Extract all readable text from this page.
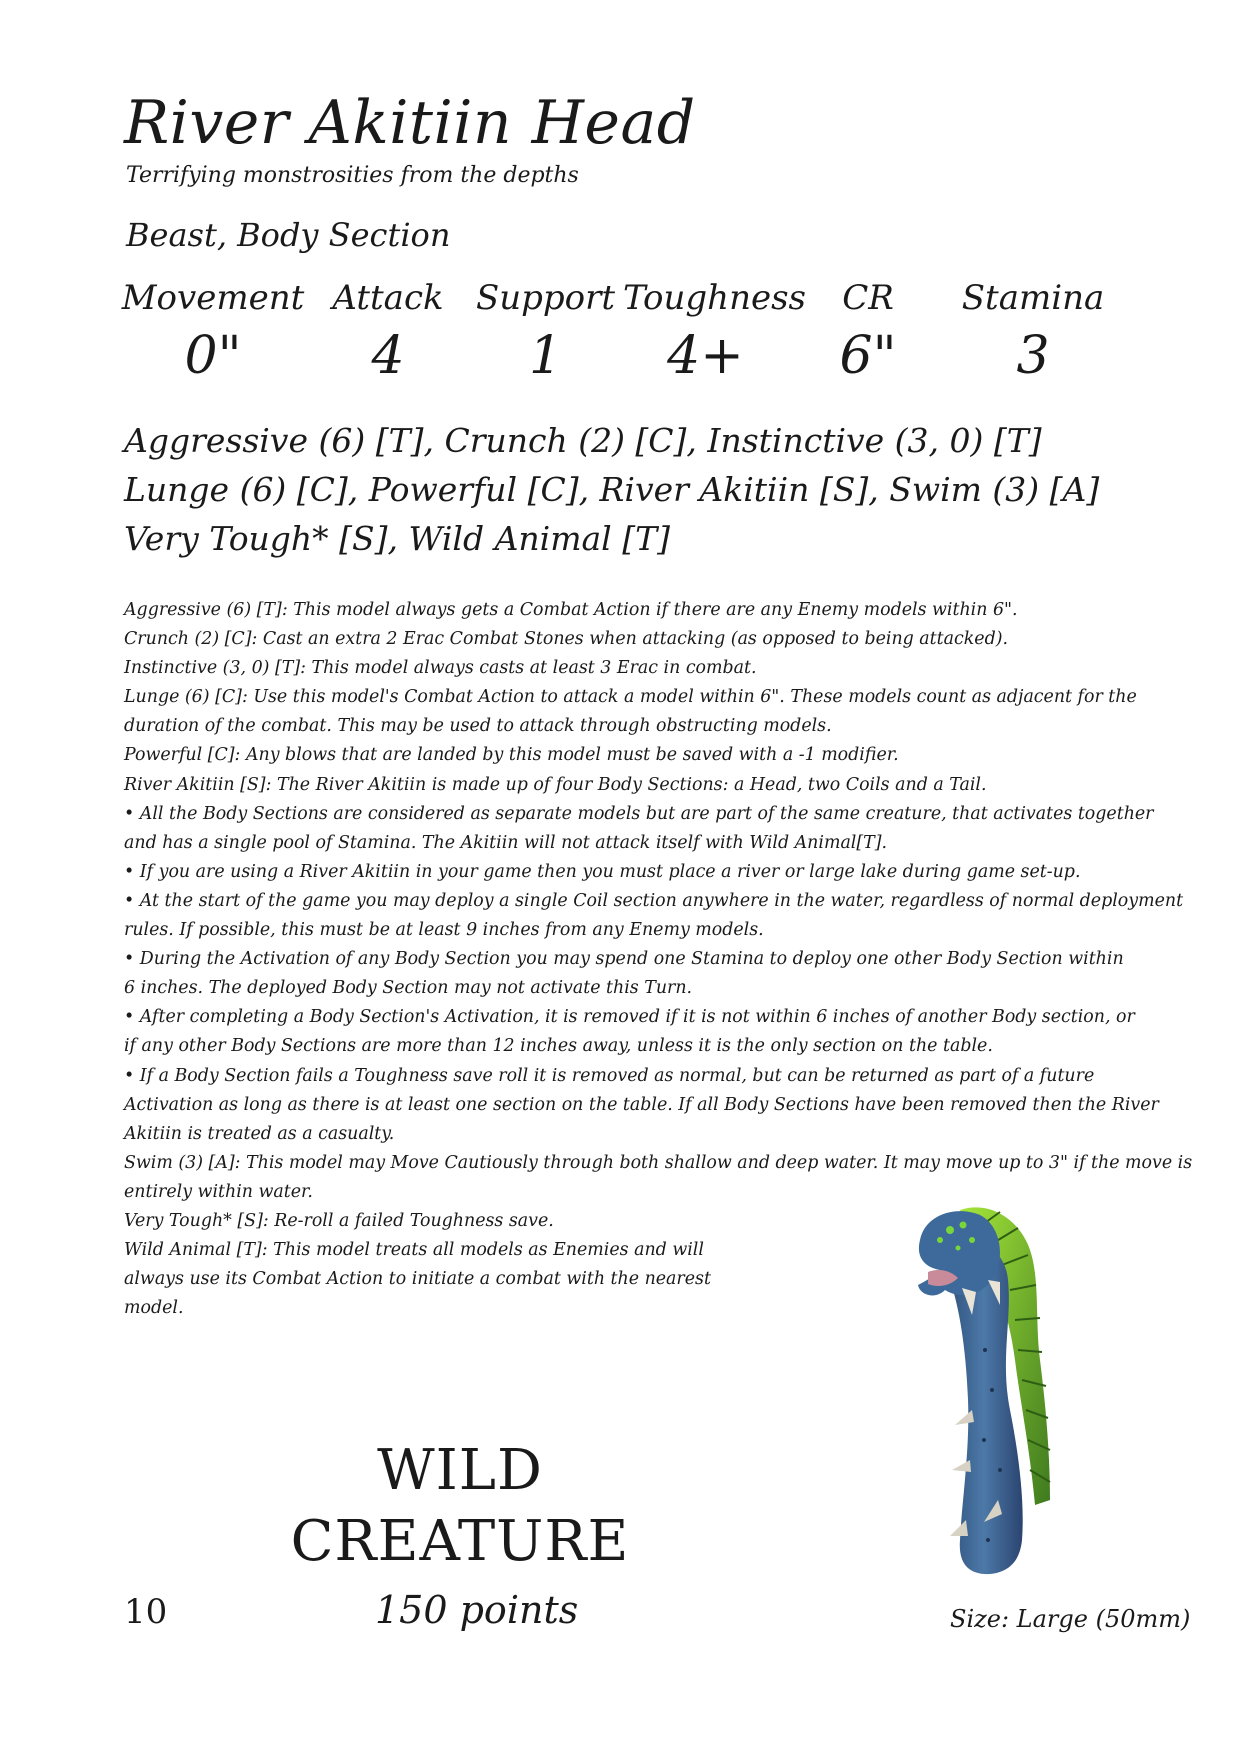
River Akitiin Head
Terrifying monstrosities from the depths
Beast, Body Section
Movement
0"
Attack
4
Support
1
Toughness
4+
CR
6"
Stamina
3
Aggressive (6) [T], Crunch (2) [C], Instinctive (3, 0) [T]
Lunge (6) [C], Powerful [C], River Akitiin [S], Swim (3) [A]
Very Tough* [S], Wild Animal [T]

Aggressive (6) [T]: This model always gets a Combat Action if there are any Enemy models within 6".

Crunch (2) [C]: Cast an extra 2 Erac Combat Stones when attacking (as opposed to being attacked).

Instinctive (3, 0) [T]: This model always casts at least 3 Erac in combat.

Lunge (6) [C]: Use this model's Combat Action to attack a model within 6". These models count as adjacent for the

duration of the combat. This may be used to attack through obstructing models.

Powerful [C]: Any blows that are landed by this model must be saved with a -1 modifier.

River Akitiin [S]: The River Akitiin is made up of four Body Sections: a Head, two Coils and a Tail.

• All the Body Sections are considered as separate models but are part of the same creature, that activates together

and has a single pool of Stamina. The Akitiin will not attack itself with Wild Animal[T].

• If you are using a River Akitiin in your game then you must place a river or large lake during game set-up.

• At the start of the game you may deploy a single Coil section anywhere in the water, regardless of normal deployment

rules. If possible, this must be at least 9 inches from any Enemy models.

• During the Activation of any Body Section you may spend one Stamina to deploy one other Body Section within

6 inches. The deployed Body Section may not activate this Turn.

• After completing a Body Section's Activation, it is removed if it is not within 6 inches of another Body section, or

if any other Body Sections are more than 12 inches away, unless it is the only section on the table.

• If a Body Section fails a Toughness save roll it is removed as normal, but can be returned as part of a future

Activation as long as there is at least one section on the table. If all Body Sections have been removed then the River

Akitiin is treated as a casualty.

Swim (3) [A]: This model may Move Cautiously through both shallow and deep water. It may move up to 3" if the move is

entirely within water.

Very Tough* [S]: Re-roll a failed Toughness save.

Wild Animal [T]: This model treats all models as Enemies and will

always use its Combat Action to initiate a combat with the nearest

model.

WILD
CREATURE
10	150 points	Size: Large (50mm)
